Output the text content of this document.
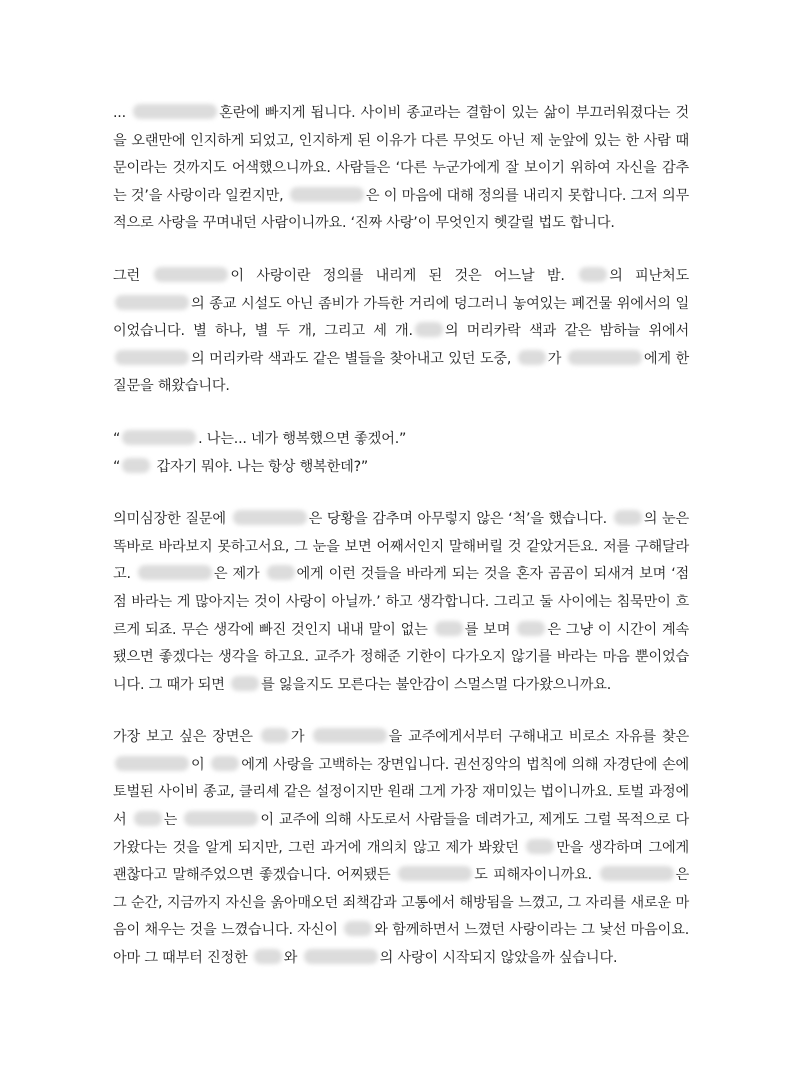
...	혼란에 빠지게 됩니다. 사이비 종교라는 결함이 있는 삶이 부끄러워졌다는 것을 오랜만에 인지하게 되었고, 인지하게 된 이유가 다른 무엇도 아닌 제 눈앞에 있는 한 사람 때문이라는 것까지도 어색했으니까요. 사람들은 ‘다른 누군가에게 잘 보이기 위하여 자신을 감추는 것’을 사랑이라 일컫지만,	은 이 마음에 대해 정의를 내리지 못합니다. 그저 의무적으로 사랑을 꾸며내던 사람이니까요. ‘진짜 사랑’이 무엇인지 헷갈릴 법도 합니다.

그런	이 사랑이란 정의를 내리게 된 것은 어느날 밤.	의 피난처도 의 종교 시설도 아닌 좀비가 가득한 거리에 덩그러니 놓여있는 폐건물 위에서의 일이었습니다. 별 하나, 별 두 개, 그리고 세 개. 의 머리카락 색과 같은 밤하늘 위에서 의 머리카락 색과도 같은 별들을 찾아내고 있던 도중,	가	에게 한 질문을 해왔습니다.

“	. 나는... 네가 행복했으면 좋겠어.”
“	갑자기 뭐야. 나는 항상 행복한데?”

의미심장한 질문에	은 당황을 감추며 아무렇지 않은 ‘척’을 했습니다.	의 눈은 똑바로 바라보지 못하고서요, 그 눈을 보면 어째서인지 말해버릴 것 같았거든요. 저를 구해달라고.	은 제가	에게 이런 것들을 바라게 되는 것을 혼자 곰곰이 되새겨 보며 ‘점점 바라는 게 많아지는 것이 사랑이 아닐까.’ 하고 생각합니다. 그리고 둘 사이에는 침묵만이 흐르게 되죠. 무슨 생각에 빠진 것인지 내내 말이 없는	를 보며	은 그냥 이 시간이 계속 됐으면 좋겠다는 생각을 하고요. 교주가 정해준 기한이 다가오지 않기를 바라는 마음 뿐이었습니다. 그 때가 되면	를 잃을지도 모른다는 불안감이 스멀스멀 다가왔으니까요.

가장 보고 싶은 장면은	가	을 교주에게서부터 구해내고 비로소 자유를 찾은 이	에게 사랑을 고백하는 장면입니다. 권선징악의 법칙에 의해 자경단에 손에 토벌된 사이비 종교, 클리셰 같은 설정이지만 원래 그게 가장 재미있는 법이니까요. 토벌 과정에서	는	이 교주에 의해 사도로서 사람들을 데려가고, 제게도 그럴 목적으로 다가왔다는 것을 알게 되지만, 그런 과거에 개의치 않고 제가 봐왔던	만을 생각하며 그에게 괜찮다고 말해주었으면 좋겠습니다. 어찌됐든	도 피해자이니까요.	은 그 순간, 지금까지 자신을 옭아매오던 죄책감과 고통에서 해방됨을 느꼈고, 그 자리를 새로운 마음이 채우는 것을 느꼈습니다. 자신이	와 함께하면서 느꼈던 사랑이라는 그 낯선 마음이요. 아마 그 때부터 진정한	와	의 사랑이 시작되지 않았을까 싶습니다.
